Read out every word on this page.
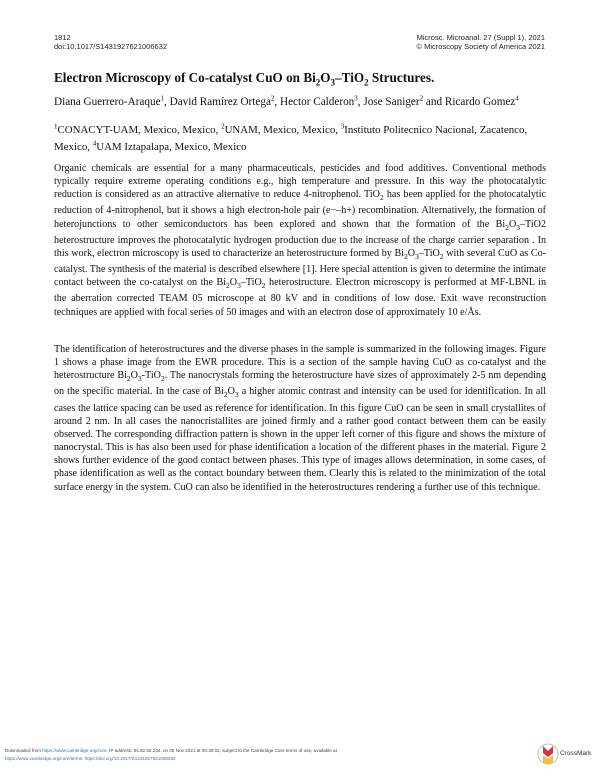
1812
doi:10.1017/S1431927621006632
Microsc. Microanal. 27 (Suppl 1), 2021
© Microscopy Society of America 2021
Electron Microscopy of Co-catalyst CuO on $Bi_2O_3-TiO_2$ Structures.
Diana Guerrero-Araque$^1$, David Ramírez Ortega$^2$, Hector Calderon$^3$, Jose Saniger$^2$ and Ricardo Gomez$^4$
$^1$CONACYT-UAM, Mexico, Mexico, $^2$UNAM, Mexico, Mexico, $^3$Instituto Politecnico Nacional, Zacatenco, Mexico, $^4$UAM Iztapalapa, Mexico, Mexico
Organic chemicals are essential for a many pharmaceuticals, pesticides and food additives. Conventional methods typically require extreme operating conditions e.g., high temperature and pressure. In this way the photocatalytic reduction is considered as an attractive alternative to reduce 4-nitrophenol. TiO$_2$ has been applied for the photocatalytic reduction of 4-nitrophenol, but it shows a high electron-hole pair (e−–h+) recombination. Alternatively, the formation of heterojunctions to other semiconductors has been explored and shown that the formation of the $Bi_2O_3-TiO2$ heterostructure improves the photocatalytic hydrogen production due to the increase of the charge carrier separation . In this work, electron microscopy is used to characterize an heterostructure formed by $Bi_2O_3-TiO_2$ with several CuO as Co-catalyst. The synthesis of the material is described elsewhere [1]. Here special attention is given to determine the intimate contact between the co-catalyst on the $Bi_2O_3-TiO_2$ heterostructure. Electron microscopy is performed at MF-LBNL in the aberration corrected TEAM 05 microscope at 80 kV and in conditions of low dose. Exit wave reconstruction techniques are applied with focal series of 50 images and with an electron dose of approximately 10 e/Ås.
The identification of heterostructures and the diverse phases in the sample is summarized in the following images. Figure 1 shows a phase image from the EWR procedure. This is a section of the sample having CuO as co-catalyst and the heterostructure $Bi_2O_3-TiO_2$. The nanocrystals forming the heterostructure have sizes of approximately 2-5 nm depending on the specific material. In the case of $Bi_2O_3$ a higher atomic contrast and intensity can be used for identification. In all cases the lattice spacing can be used as reference for identification. In this figure CuO can be seen in small crystallites of around 2 nm. In all cases the nanocristallites are joined firmly and a rather good contact between them can be easily observed. The corresponding diffraction pattern is shown in the upper left corner of this figure and shows the mixture of nanocrystal. This is has also been used for phase identification a location of the different phases in the material. Figure 2 shows further evidence of the good contact between phases. This type of images allows determination, in some cases, of phase identification as well as the contact boundary between them. Clearly this is related to the minimization of the total surface energy in the system. CuO can also be identified in the heterostructures rendering a further use of this technique.
Downloaded from https://www.cambridge.org/core. IP address: 54.82.68.234, on 05 Nov 2021 at 00:30:02, subject to the Cambridge Core terms of use, available at
https://www.cambridge.org/core/terms. https://doi.org/10.1017/S1431927621006632
CrossMark
